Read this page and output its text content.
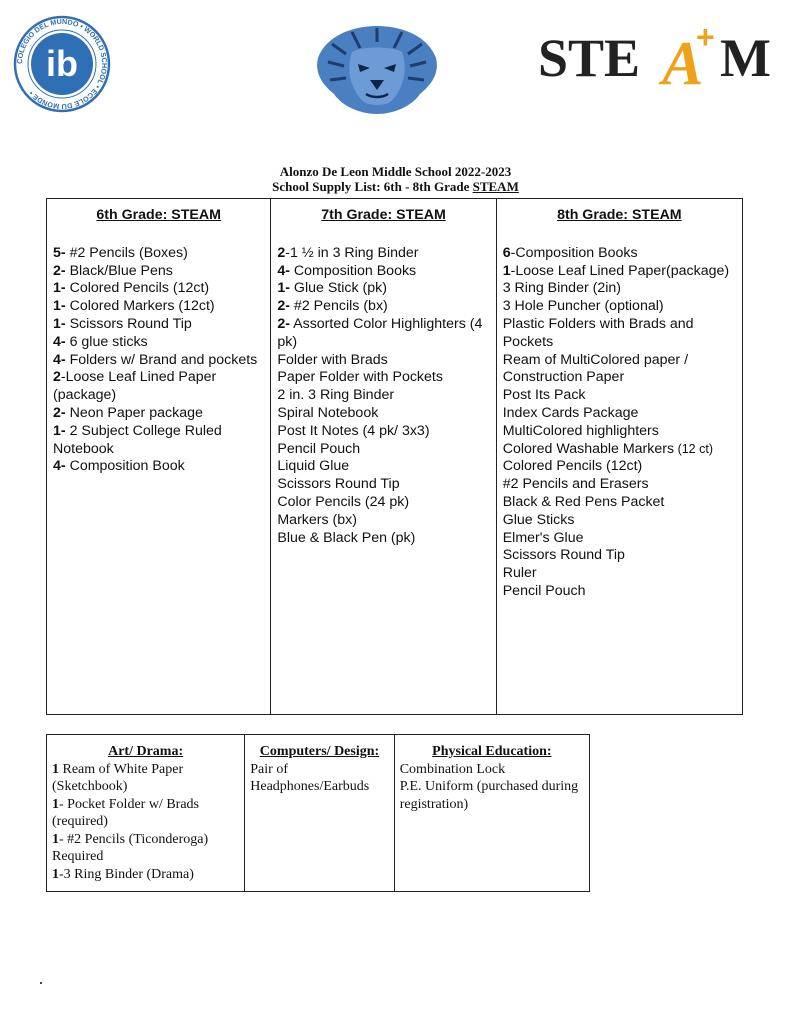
COLEGIO DEL MUNDO • WORLD SCHOOL • ÉCOLE DU MONDE •
ib	STE A
+ M
Alonzo De Leon Middle School 2022-2023
School Supply List: 6th - 8th Grade STEAM
6th Grade: STEAM
5- #2 Pencils (Boxes)
2- Black/Blue Pens
1- Colored Pencils (12ct)
1- Colored Markers (12ct)
1- Scissors Round Tip
4- 6 glue sticks
4- Folders w/ Brand and pockets
2-Loose Leaf Lined Paper (package)
2- Neon Paper package
1- 2 Subject College Ruled Notebook
4- Composition Book
7th Grade: STEAM
2-1 ½ in 3 Ring Binder
4- Composition Books
1- Glue Stick (pk)
2- #2 Pencils (bx)
2- Assorted Color Highlighters (4 pk)
Folder with Brads
Paper Folder with Pockets
2 in. 3 Ring Binder
Spiral Notebook
Post It Notes (4 pk/ 3x3)
Pencil Pouch
Liquid Glue
Scissors Round Tip
Color Pencils (24 pk)
Markers (bx)
Blue & Black Pen (pk)
8th Grade: STEAM
6-Composition Books
1-Loose Leaf Lined Paper(package)
3 Ring Binder (2in)
3 Hole Puncher (optional)
Plastic Folders with Brads and Pockets
Ream of MultiColored paper / Construction Paper
Post Its Pack
Index Cards Package
MultiColored highlighters
Colored Washable Markers (12 ct)
Colored Pencils (12ct)
#2 Pencils and Erasers
Black & Red Pens Packet
Glue Sticks
Elmer's Glue
Scissors Round Tip
Ruler
Pencil Pouch
Art/ Drama:
1 Ream of White Paper (Sketchbook)
1- Pocket Folder w/ Brads (required)
1- #2 Pencils (Ticonderoga) Required
1-3 Ring Binder (Drama)
Computers/ Design:
Pair of Headphones/Earbuds
Physical Education:
Combination Lock
P.E. Uniform (purchased during registration)
